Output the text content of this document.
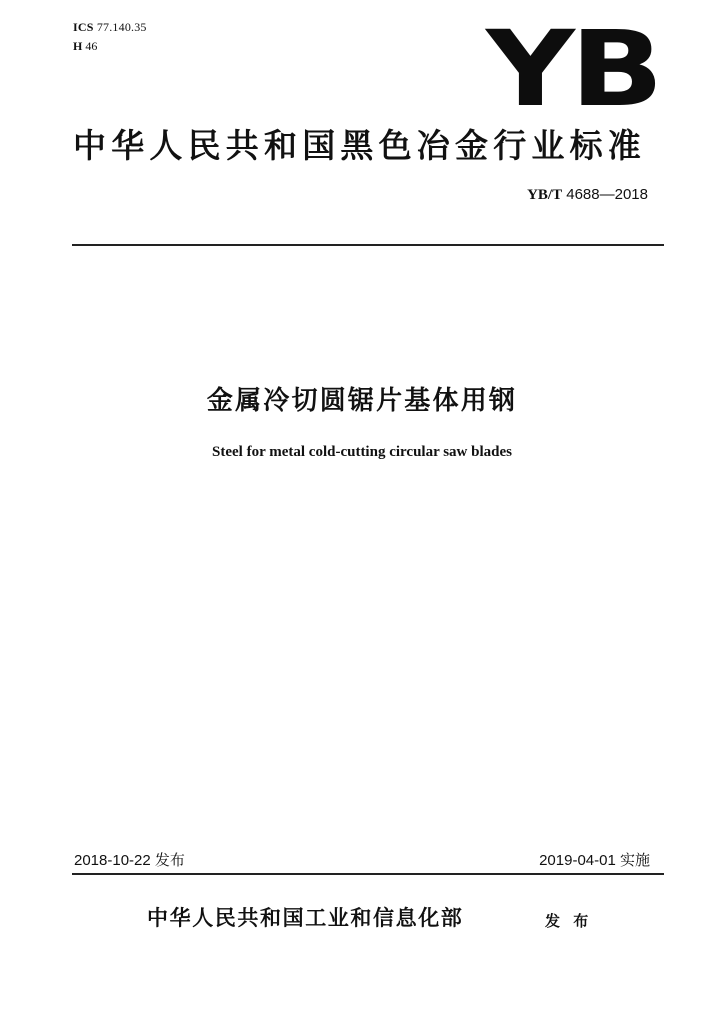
ICS 77.140.35
H 46	YB
中华人民共和国黑色冶金行业标准
YB/T 4688—2018
金属冷切圆锯片基体用钢
Steel for metal cold-cutting circular saw blades
2018-10-22 发布	2019-04-01 实施
中华人民共和国工业和信息化部	发 布
